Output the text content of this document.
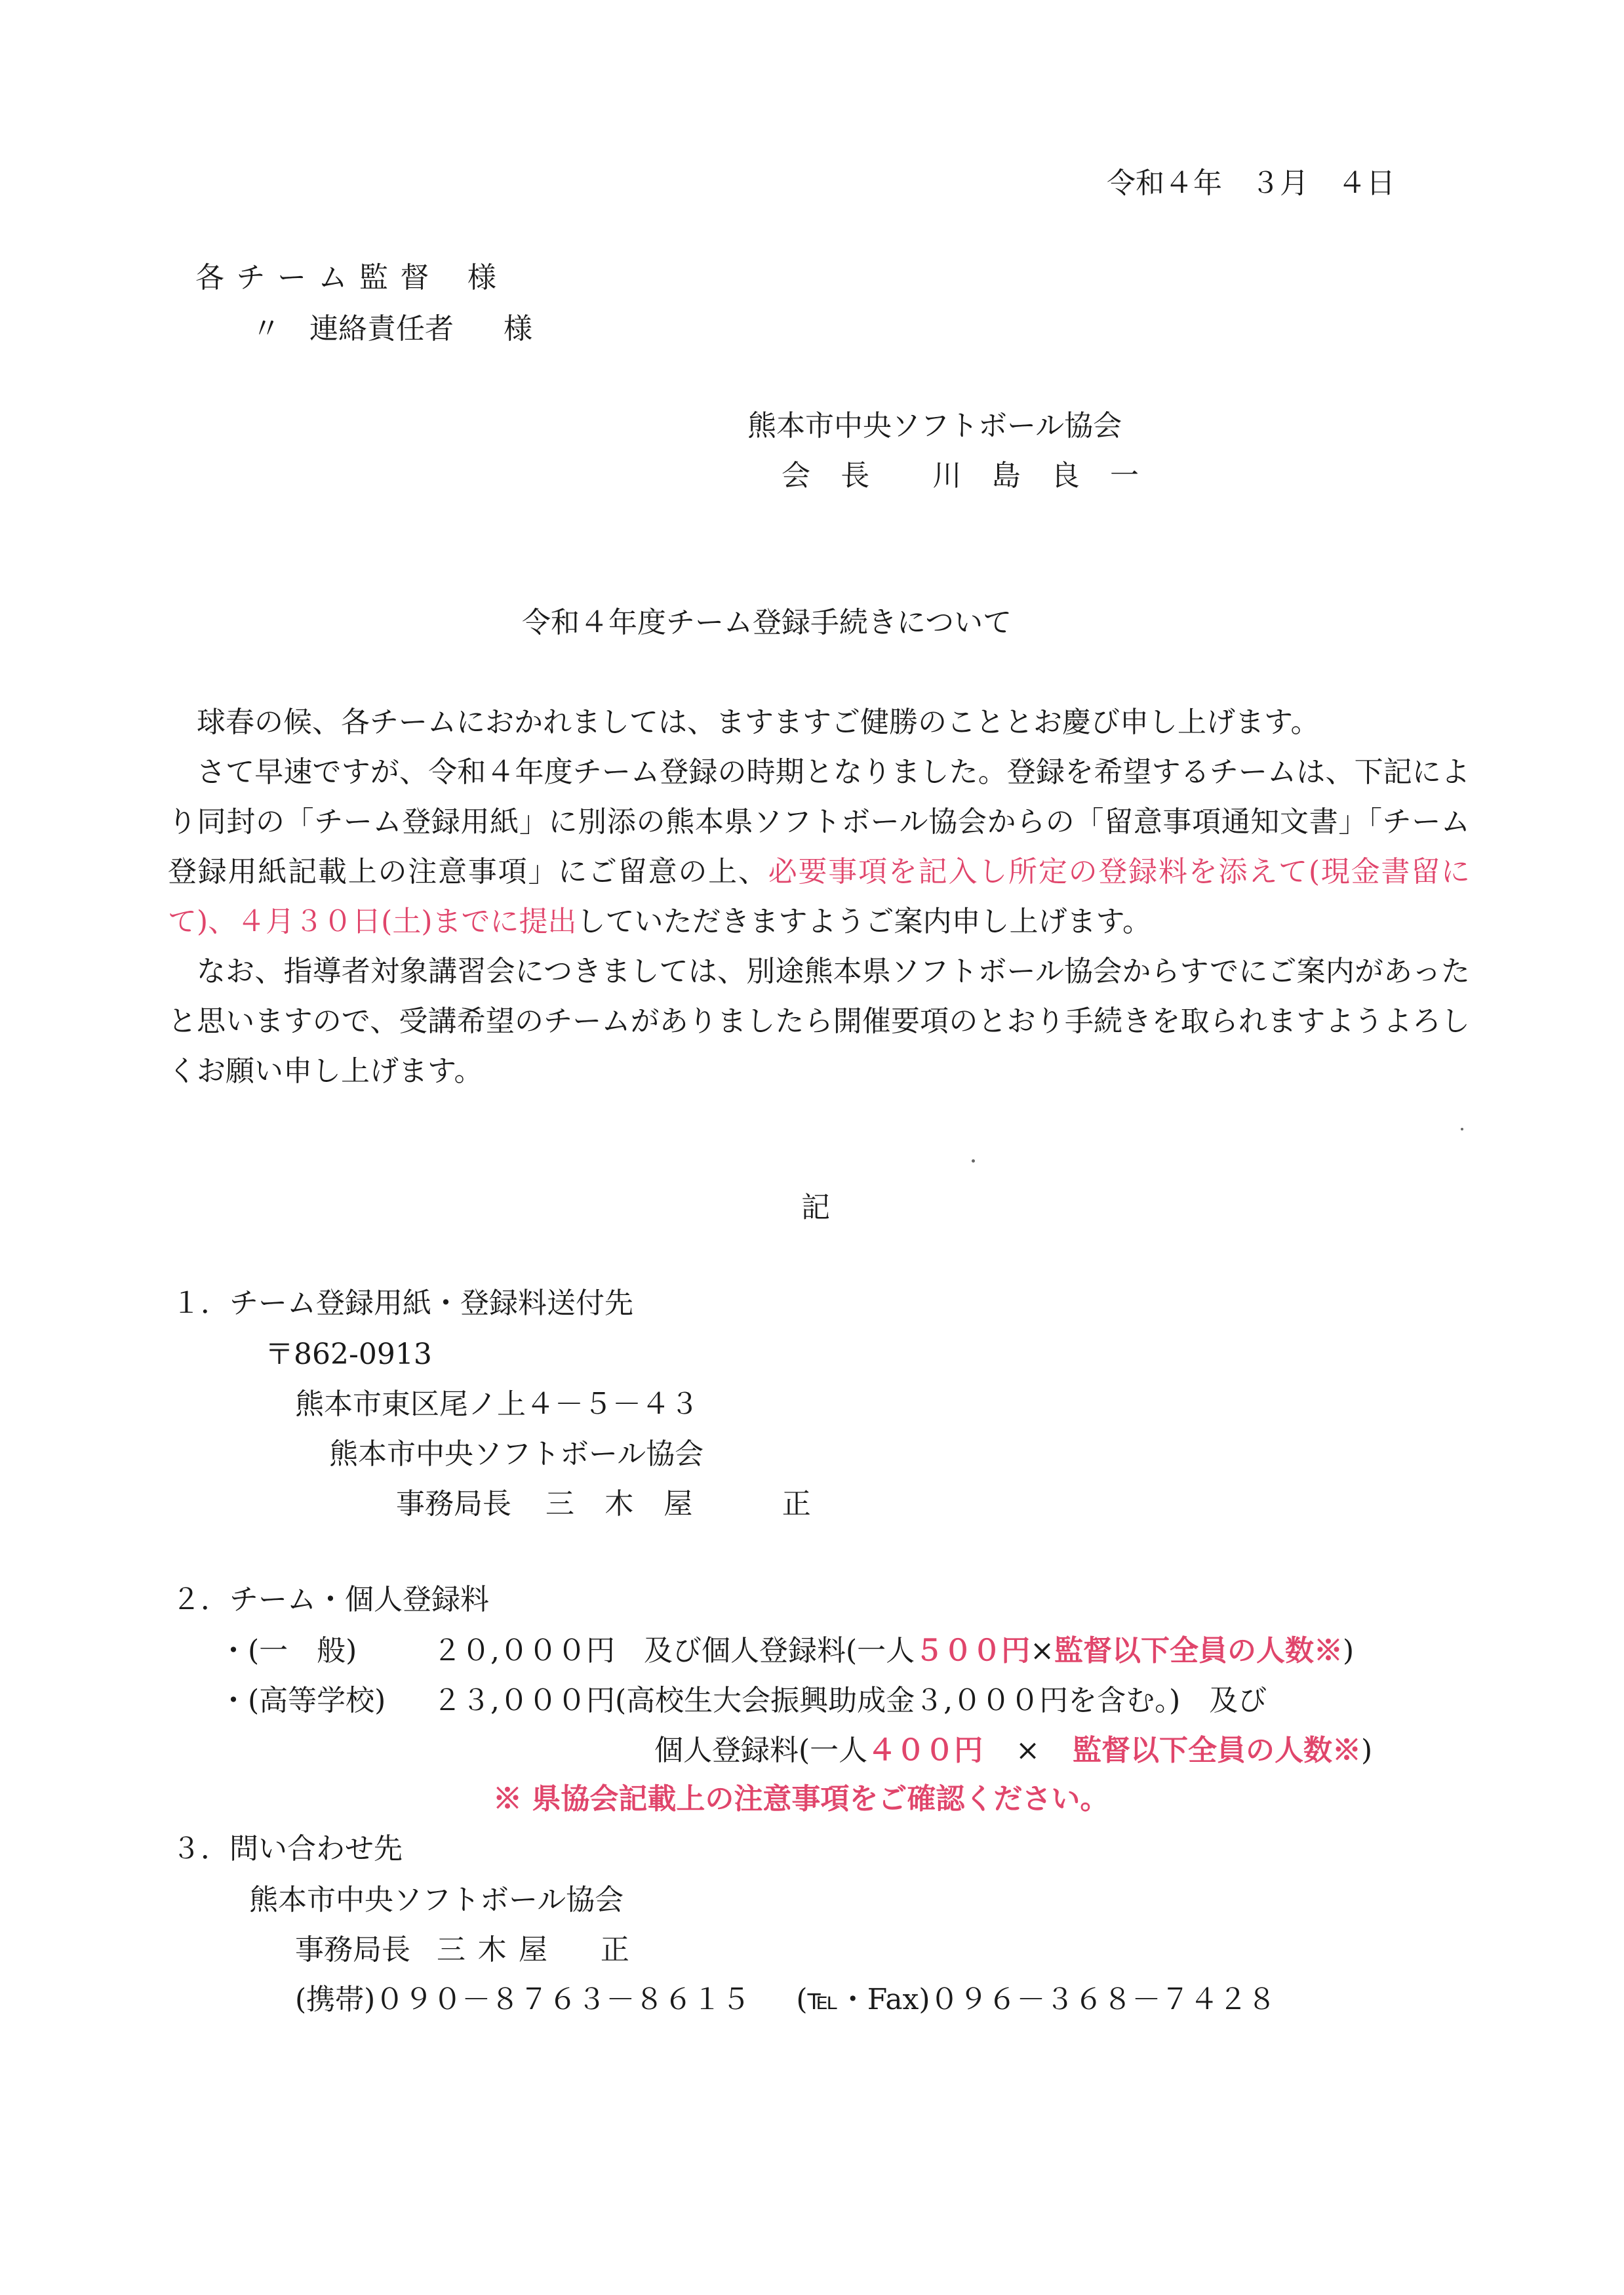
令和４年　３月　４日
各チーム監督 様
〃　連絡責任者 様
熊本市中央ソフトボール協会
会長 川島良一
令和４年度チーム登録手続きについて

球春の候、各チームにおかれましては、ますますご健勝のこととお慶び申し上げます。

さて早速ですが、令和４年度チーム登録の時期となりました。登録を希望するチームは、下記により同封の「チーム登録用紙」に別添の熊本県ソフトボール協会からの「留意事項通知文書」「チーム登録用紙記載上の注意事項」にご留意の上、必要事項を記入し所定の登録料を添えて(現金書留にて)、４月３０日(土)までに提出していただきますようご案内申し上げます。

なお、指導者対象講習会につきましては、別途熊本県ソフトボール協会からすでにご案内があったと思いますので、受講希望のチームがありましたら開催要項のとおり手続きを取られますようよろしくお願い申し上げます。

記
１．チーム登録用紙・登録料送付先
〒862-0913
熊本市東区尾ノ上４－５－４３
熊本市中央ソフトボール協会
事務局長 三木屋　正
２．チーム・個人登録料
・(一　般)	２０,０００円　及び個人登録料(一人５００円×監督以下全員の人数※)
・(高等学校) ２３,０００円(高校生大会振興助成金３,０００円を含む。)　及び
個人登録料(一人４００円 × 監督以下全員の人数※)
※ 県協会記載上の注意事項をご確認ください。
３．問い合わせ先
熊本市中央ソフトボール協会
事務局長 三木屋　正
(携帯)０９０－８７６３－８６１５ (℡・Fax)０９６－３６８－７４２８
